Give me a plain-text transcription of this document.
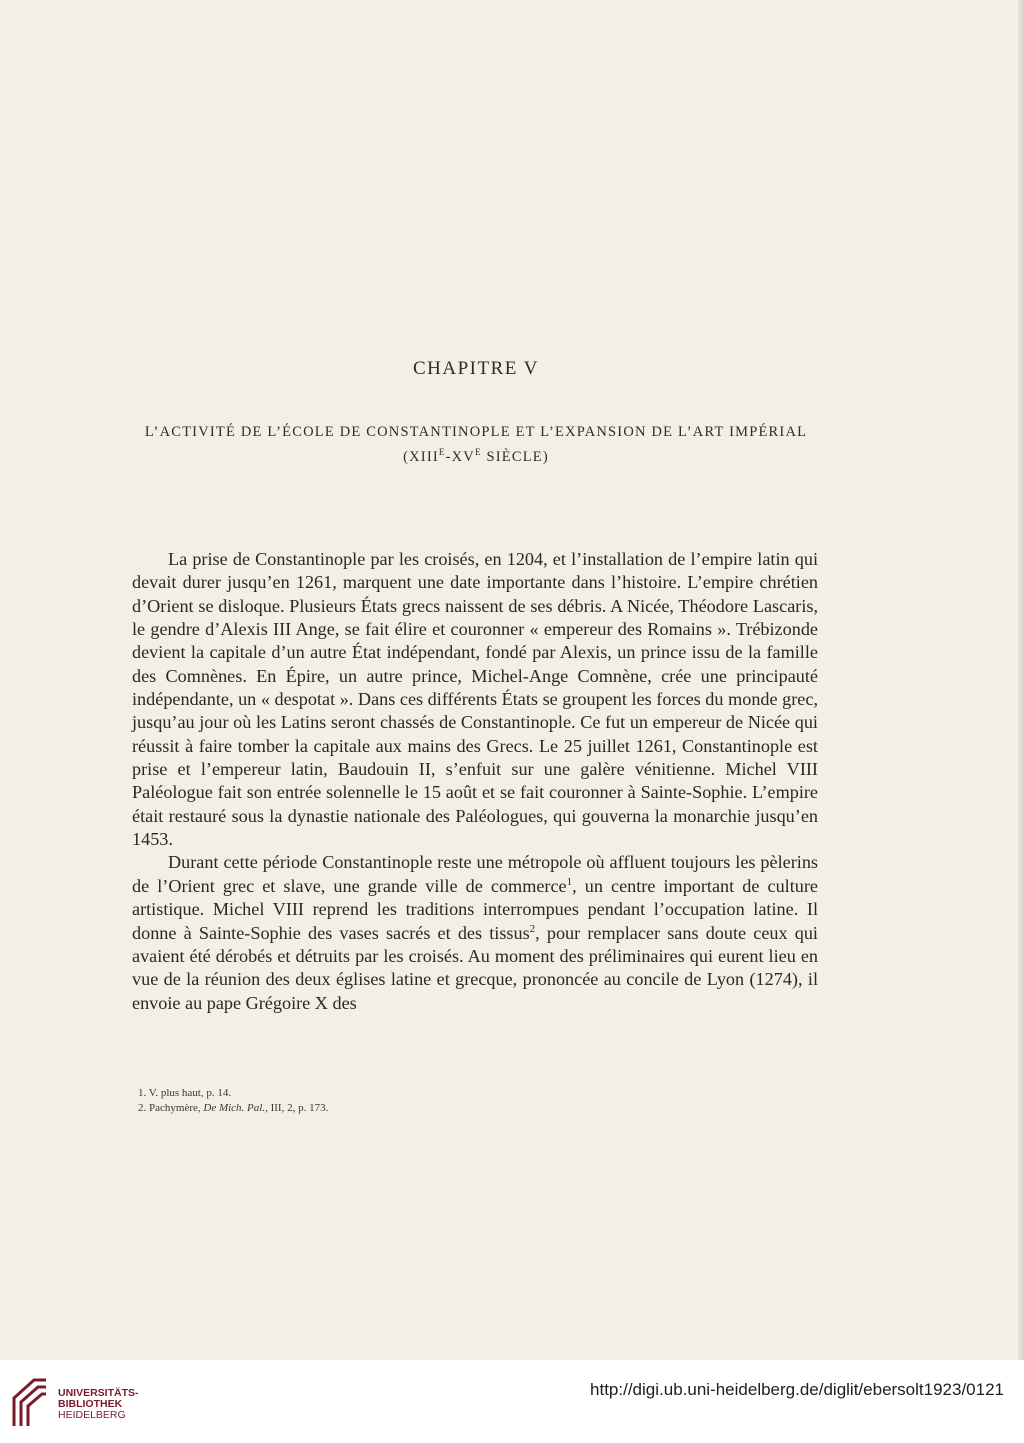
CHAPITRE V
L’ACTIVITÉ DE L’ÉCOLE DE CONSTANTINOPLE ET L’EXPANSION DE L’ART IMPÉRIAL
($XIII^E-XV^E$ SIÈCLE)

La prise de Constantinople par les croisés, en 1204, et l’installation de l’empire latin qui devait durer jusqu’en 1261, marquent une date importante dans l’histoire. L’empire chrétien d’Orient se disloque. Plusieurs États grecs naissent de ses débris. A Nicée, Théodore Lascaris, le gendre d’Alexis III Ange, se fait élire et couronner « empereur des Romains ». Trébizonde devient la capitale d’un autre État indépendant, fondé par Alexis, un prince issu de la famille des Comnènes. En Épire, un autre prince, Michel-Ange Comnène, crée une principauté indépendante, un « despotat ». Dans ces différents États se groupent les forces du monde grec, jusqu’au jour où les Latins seront chassés de Constantinople. Ce fut un empereur de Nicée qui réussit à faire tomber la capitale aux mains des Grecs. Le 25 juillet 1261, Constantinople est prise et l’empereur latin, Baudouin II, s’enfuit sur une galère vénitienne. Michel VIII Paléologue fait son entrée solennelle le 15 août et se fait couronner à Sainte-Sophie. L’empire était restauré sous la dynastie nationale des Paléologues, qui gouverna la monarchie jusqu’en 1453.

Durant cette période Constantinople reste une métropole où affluent toujours les pèlerins de l’Orient grec et slave, une grande ville de commerce$^1$, un centre important de culture artistique. Michel VIII reprend les traditions interrompues pendant l’occupation latine. Il donne à Sainte-Sophie des vases sacrés et des tissus$^2$, pour remplacer sans doute ceux qui avaient été dérobés et détruits par les croisés. Au moment des préliminaires qui eurent lieu en vue de la réunion des deux églises latine et grecque, prononcée au concile de Lyon (1274), il envoie au pape Grégoire X des

1. V. plus haut, p. 14.
2. Pachymère, De Mich. Pal., III, 2, p. 173.
UNIVERSITÄTS-
BIBLIOTHEK
HEIDELBERG
http://digi.ub.uni-heidelberg.de/diglit/ebersolt1923/0121
